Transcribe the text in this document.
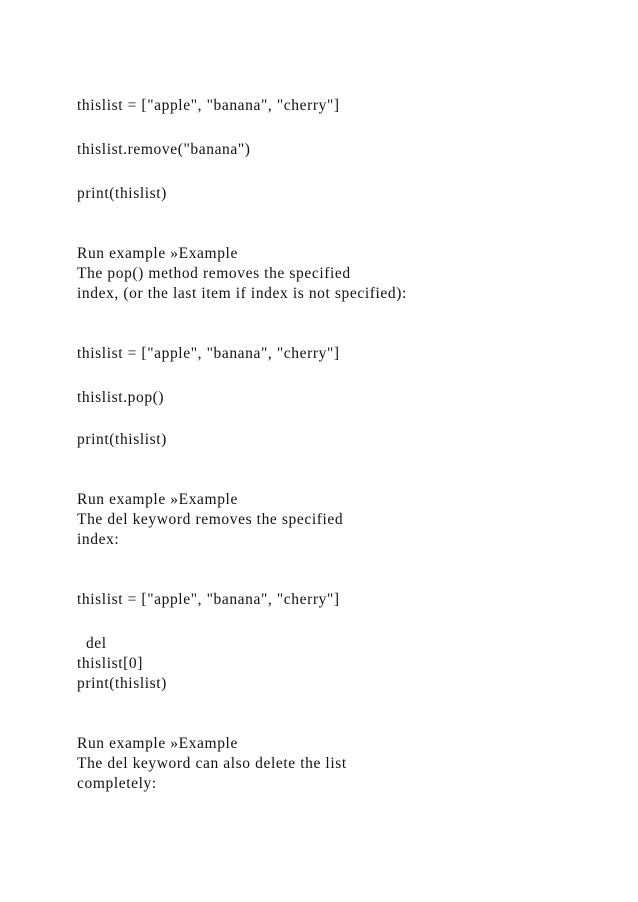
thislist = ["apple", "banana", "cherry"]
thislist.remove("banana")
print(thislist)
Run example »Example
The pop() method removes the specified
index, (or the last item if index is not specified):
thislist = ["apple", "banana", "cherry"]
thislist.pop()
print(thislist)
Run example »Example
The del keyword removes the specified
index:
thislist = ["apple", "banana", "cherry"]
del
thislist[0]
print(thislist)
Run example »Example
The del keyword can also delete the list
completely:
